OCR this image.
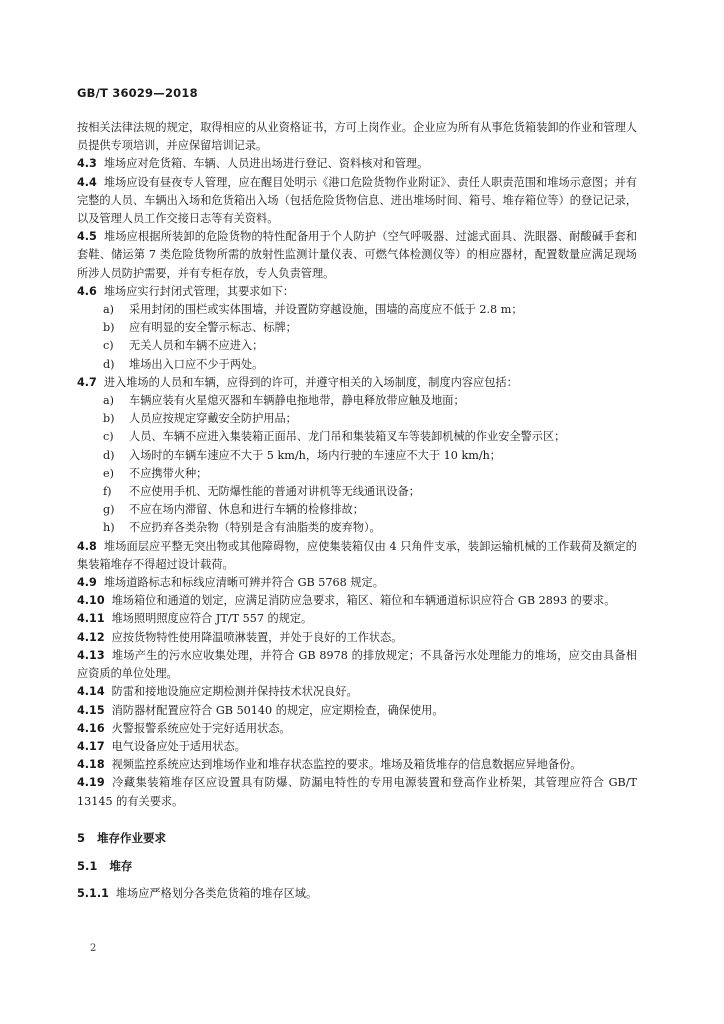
GB/T 36029—2018

按相关法律法规的规定，取得相应的从业资格证书，方可上岗作业。企业应为所有从事危货箱装卸的作业和管理人员提供专项培训，并应保留培训记录。

4.3 堆场应对危货箱、车辆、人员进出场进行登记、资料核对和管理。

4.4 堆场应设有昼夜专人管理，应在醒目处明示《港口危险货物作业附证》、责任人职责范围和堆场示意图；并有完整的人员、车辆出入场和危货箱出入场（包括危险货物信息、进出堆场时间、箱号、堆存箱位等）的登记记录，以及管理人员工作交接日志等有关资料。

4.5 堆场应根据所装卸的危险货物的特性配备用于个人防护（空气呼吸器、过滤式面具、洗眼器、耐酸碱手套和套鞋、储运第 7 类危险货物所需的放射性监测计量仪表、可燃气体检测仪等）的相应器材，配置数量应满足现场所涉人员防护需要，并有专柜存放，专人负责管理。

4.6 堆场应实行封闭式管理，其要求如下：

a)	采用封闭的围栏或实体围墙，并设置防穿越设施，围墙的高度应不低于 2.8 m；
b)	应有明显的安全警示标志、标牌；
c)	无关人员和车辆不应进入；
d)	堆场出入口应不少于两处。

4.7 进入堆场的人员和车辆，应得到的许可，并遵守相关的入场制度，制度内容应包括：

a)	车辆应装有火星熄灭器和车辆静电拖地带，静电释放带应触及地面；
b)	人员应按规定穿戴安全防护用品；
c)	人员、车辆不应进入集装箱正面吊、龙门吊和集装箱叉车等装卸机械的作业安全警示区；
d)	入场时的车辆车速应不大于 5 km/h，场内行驶的车速应不大于 10 km/h；
e)	不应携带火种；
f)	不应使用手机、无防爆性能的普通对讲机等无线通讯设备；
g)	不应在场内滞留、休息和进行车辆的检修排故；
h)	不应扔弃各类杂物（特别是含有油脂类的废弃物）。

4.8 堆场面层应平整无突出物或其他障碍物，应使集装箱仅由 4 只角件支承，装卸运输机械的工作载荷及额定的集装箱堆存不得超过设计载荷。

4.9 堆场道路标志和标线应清晰可辨并符合 GB 5768 规定。

4.10 堆场箱位和通道的划定，应满足消防应急要求，箱区、箱位和车辆通道标识应符合 GB 2893 的要求。

4.11 堆场照明照度应符合 JT/T 557 的规定。

4.12 应按货物特性使用降温喷淋装置，并处于良好的工作状态。

4.13 堆场产生的污水应收集处理，并符合 GB 8978 的排放规定；不具备污水处理能力的堆场，应交由具备相应资质的单位处理。

4.14 防雷和接地设施应定期检测并保持技术状况良好。

4.15 消防器材配置应符合 GB 50140 的规定，应定期检查，确保使用。

4.16 火警报警系统应处于完好适用状态。

4.17 电气设备应处于适用状态。

4.18 视频监控系统应达到堆场作业和堆存状态监控的要求。堆场及箱货堆存的信息数据应异地备份。

4.19 冷藏集装箱堆存区应设置具有防爆、防漏电特性的专用电源装置和登高作业桥架，其管理应符合 GB/T 13145 的有关要求。

5 堆存作业要求
5.1 堆存

5.1.1 堆场应严格划分各类危货箱的堆存区域。

2
